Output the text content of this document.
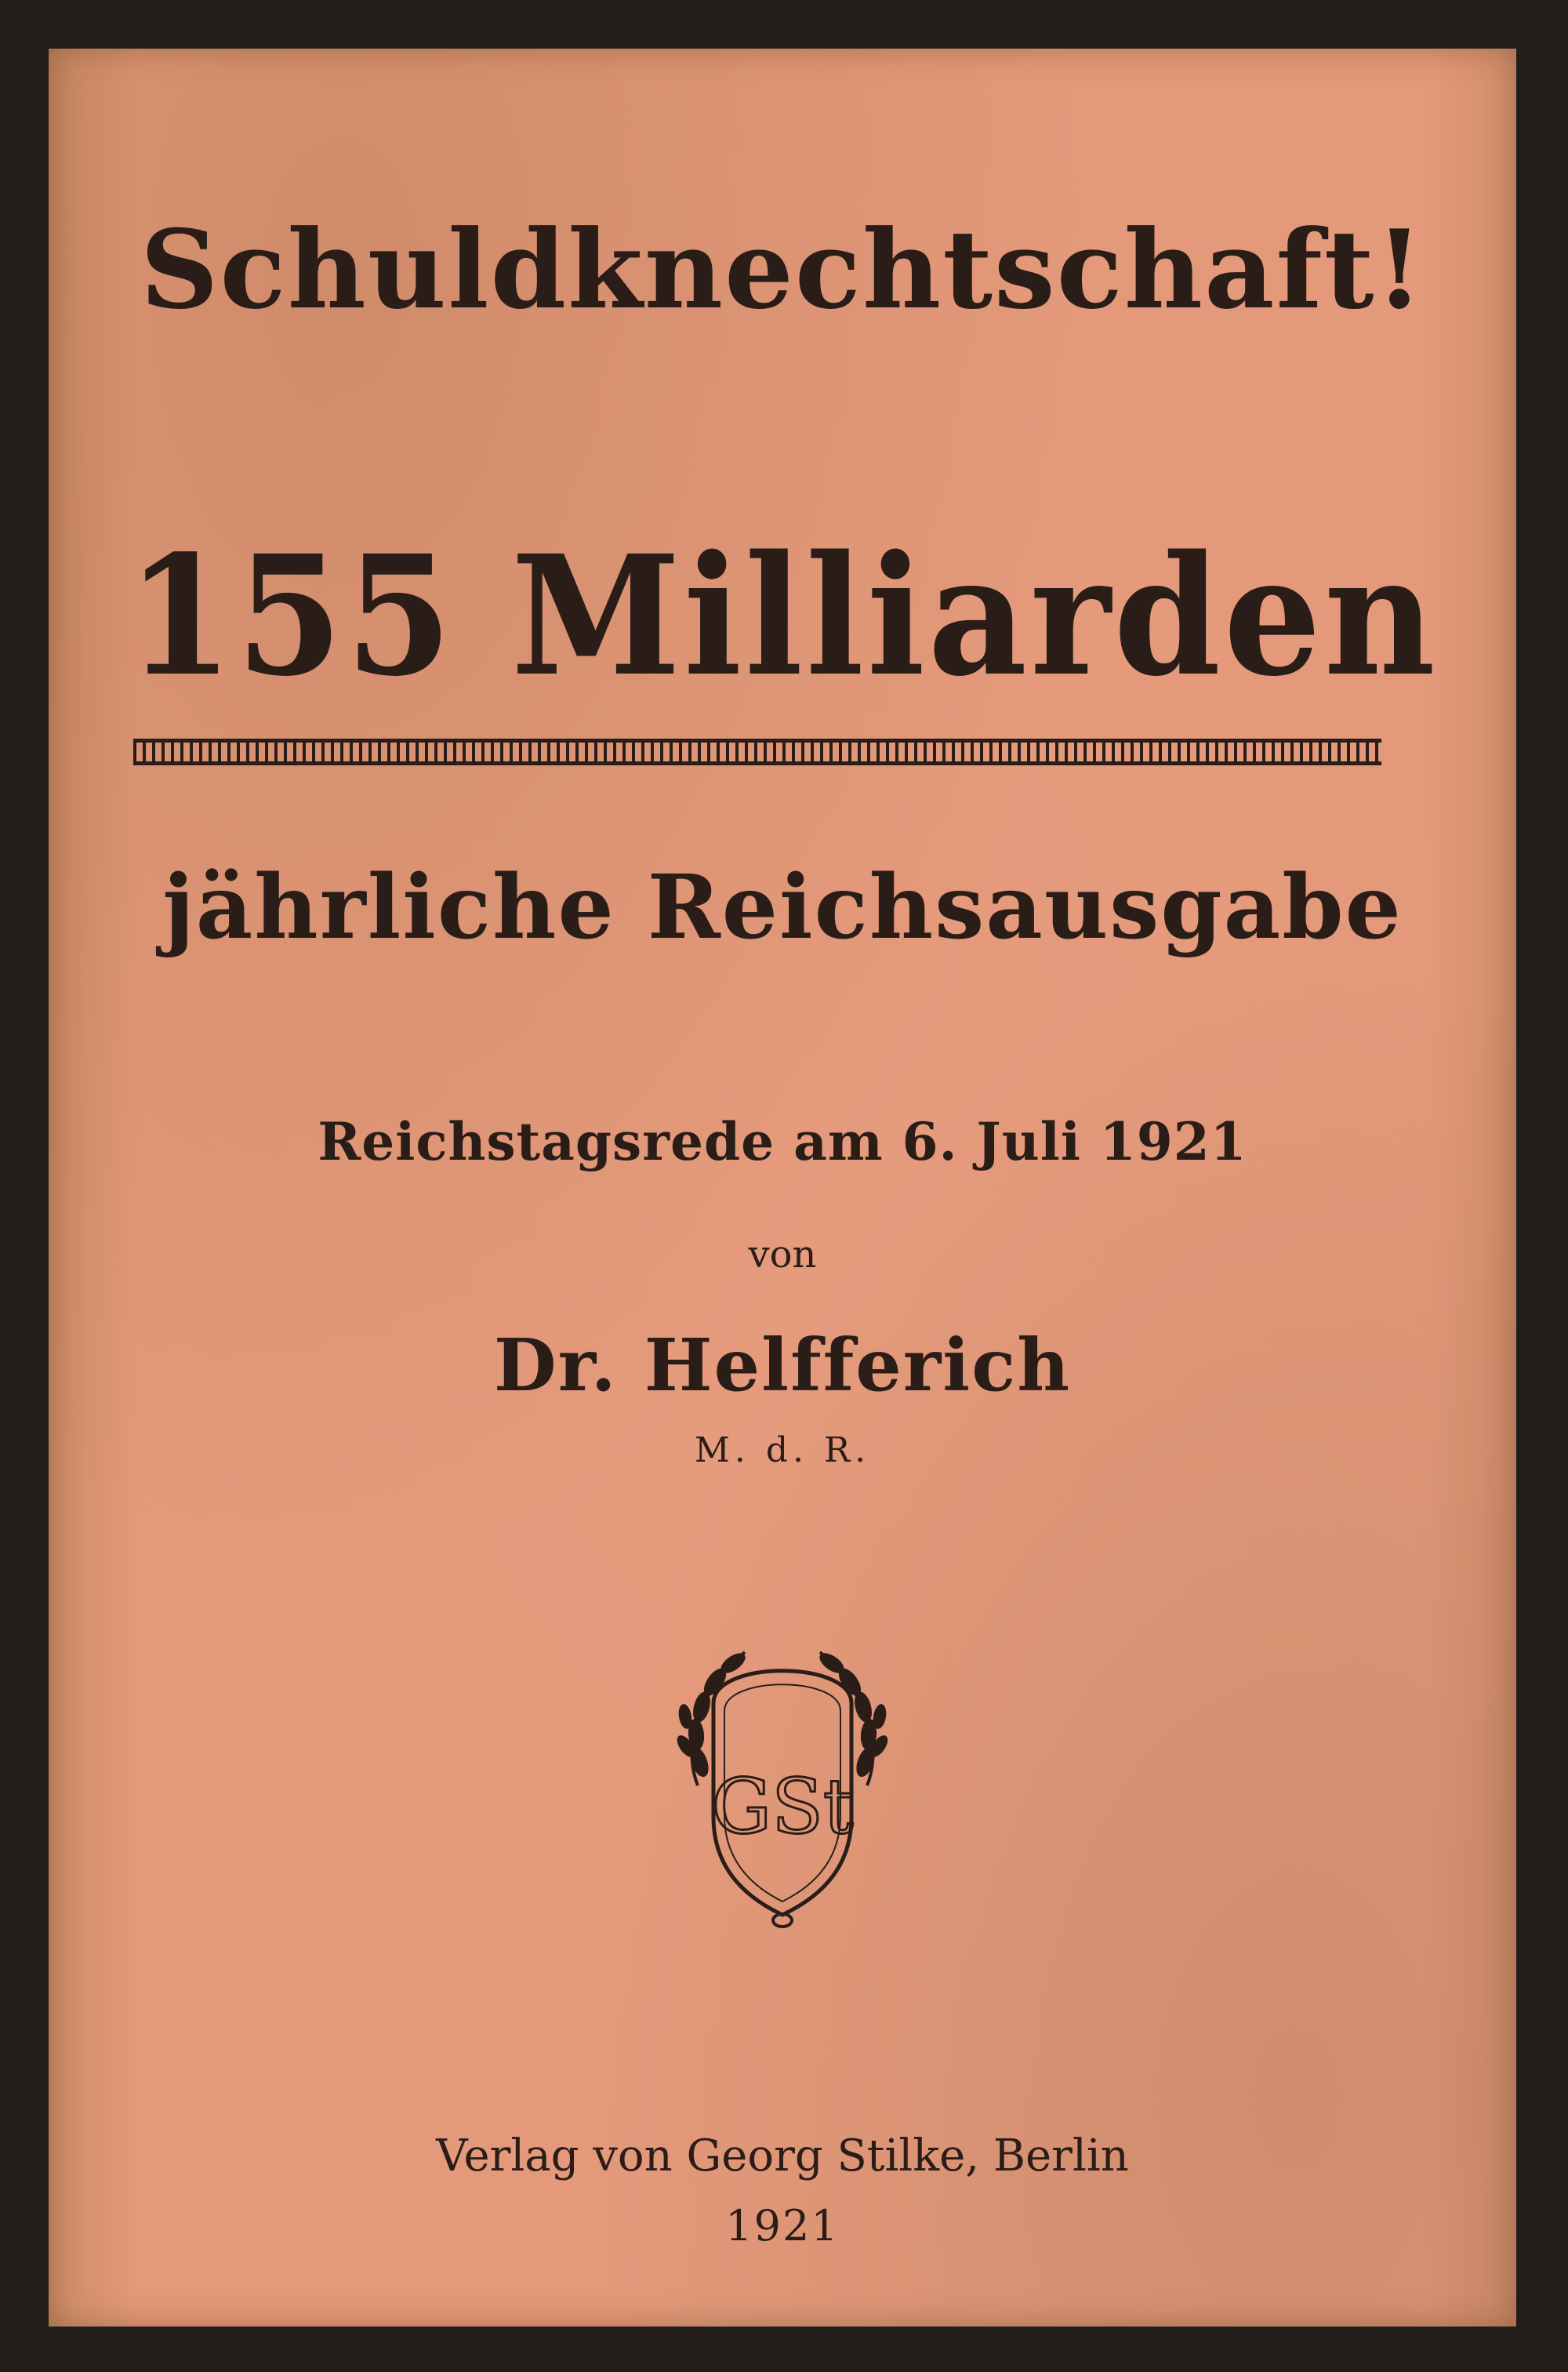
Schuldknechtschaft!
155 Milliarden
jährliche Reichsausgabe
Reichstagsrede am 6. Juli 1921
von
Dr. Helfferich
M. d. R.
GSt
Verlag von Georg Stilke, Berlin
1921
